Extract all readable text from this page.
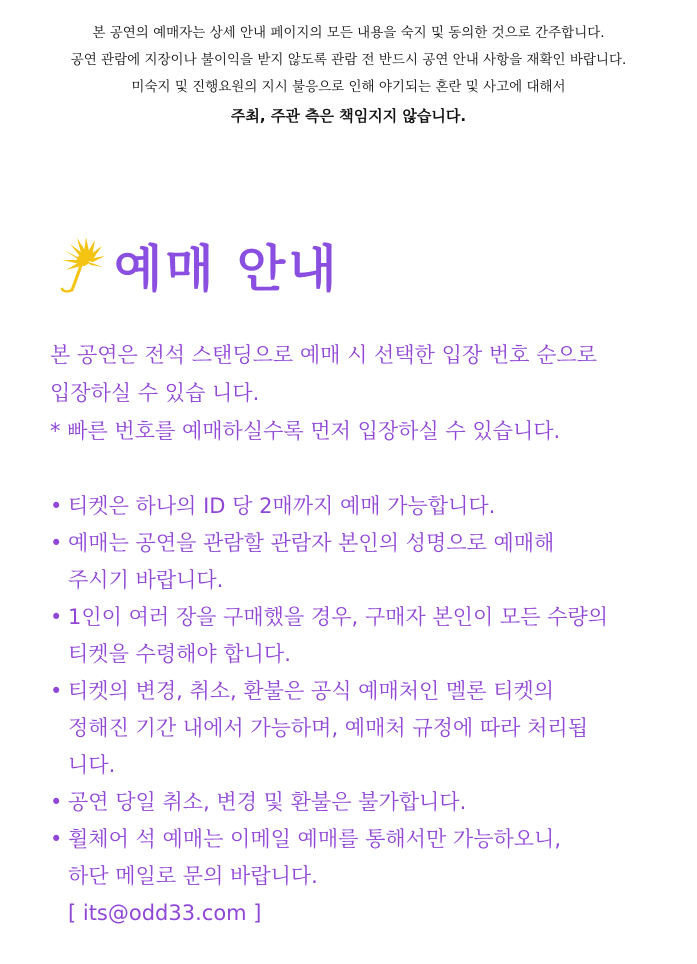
본 공연의 예매자는 상세 안내 페이지의 모든 내용을 숙지 및 동의한 것으로 간주합니다.
공연 관람에 지장이나 불이익을 받지 않도록 관람 전 반드시 공연 안내 사항을 재확인 바랍니다.
미숙지 및 진행요원의 지시 불응으로 인해 야기되는 혼란 및 사고에 대해서
주최, 주관 측은 책임지지 않습니다.
예매 안내
본 공연은 전석 스탠딩으로 예매 시 선택한 입장 번호 순으로
입장하실 수 있습 니다.
* 빠른 번호를 예매하실수록 먼저 입장하실 수 있습니다.
• 티켓은 하나의 ID 당 2매까지 예매 가능합니다.
• 예매는 공연을 관람할 관람자 본인의 성명으로 예매해
주시기 바랍니다.
• 1인이 여러 장을 구매했을 경우, 구매자 본인이 모든 수량의
티켓을 수령해야 합니다.
• 티켓의 변경, 취소, 환불은 공식 예매처인 멜론 티켓의
정해진 기간 내에서 가능하며, 예매처 규정에 따라 처리됩
니다.
• 공연 당일 취소, 변경 및 환불은 불가합니다.
• 휠체어 석 예매는 이메일 예매를 통해서만 가능하오니,
하단 메일로 문의 바랍니다.
[ its@odd33.com ]
